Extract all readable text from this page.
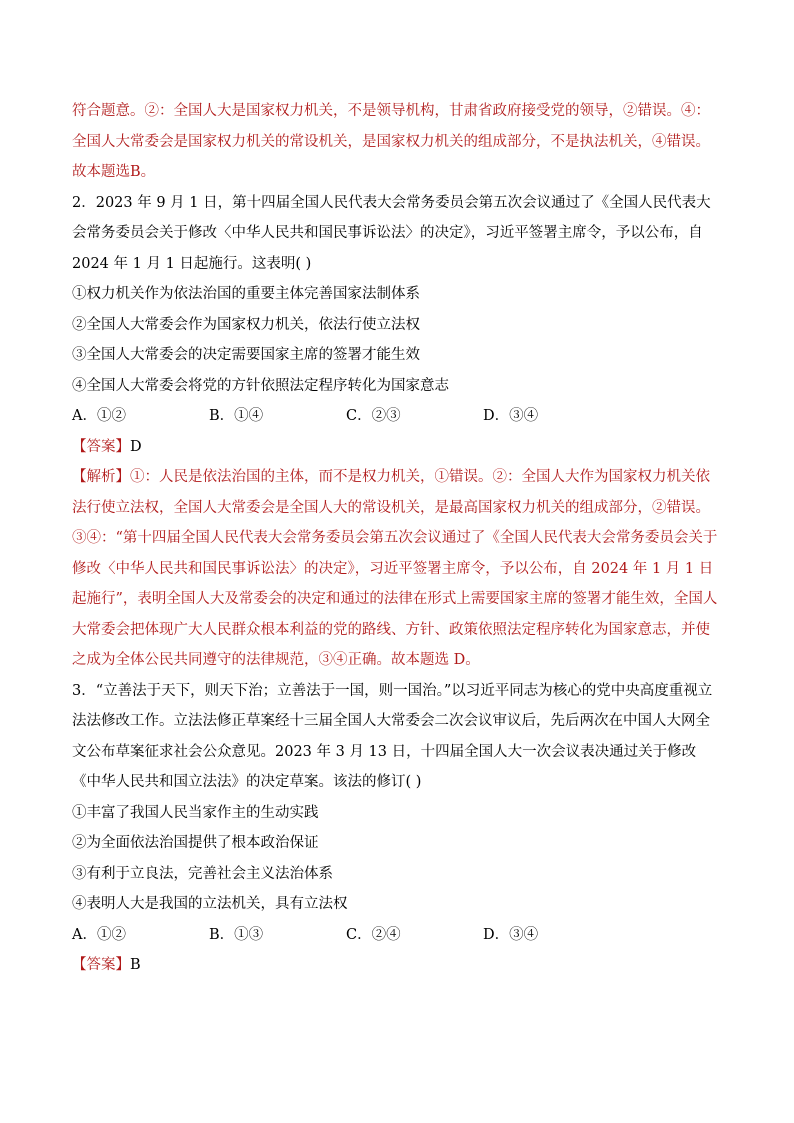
符合题意。②：全国人大是国家权力机关，不是领导机构，甘肃省政府接受党的领导，②错误。④：全国人大常委会是国家权力机关的常设机关，是国家权力机关的组成部分，不是执法机关，④错误。故本题选B。

2．2023 年 9 月 1 日，第十四届全国人民代表大会常务委员会第五次会议通过了《全国人民代表大会常务委员会关于修改〈中华人民共和国民事诉讼法〉的决定》，习近平签署主席令，予以公布，自 2024 年 1 月 1 日起施行。这表明( )

①权力机关作为依法治国的重要主体完善国家法制体系

②全国人大常委会作为国家权力机关，依法行使立法权

③全国人大常委会的决定需要国家主席的签署才能生效

④全国人大常委会将党的方针依照法定程序转化为国家意志

A．①②	B．①④	C．②③	D．③④

【答案】D

【解析】①：人民是依法治国的主体，而不是权力机关，①错误。②：全国人大作为国家权力机关依法行使立法权，全国人大常委会是全国人大的常设机关，是最高国家权力机关的组成部分，②错误。③④：“第十四届全国人民代表大会常务委员会第五次会议通过了《全国人民代表大会常务委员会关于修改〈中华人民共和国民事诉讼法〉的决定》，习近平签署主席令，予以公布，自 2024 年 1 月 1 日起施行”，表明全国人大及常委会的决定和通过的法律在形式上需要国家主席的签署才能生效，全国人大常委会把体现广大人民群众根本利益的党的路线、方针、政策依照法定程序转化为国家意志，并使之成为全体公民共同遵守的法律规范，③④正确。故本题选 D。

3．“立善法于天下，则天下治；立善法于一国，则一国治。”以习近平同志为核心的党中央高度重视立法法修改工作。立法法修正草案经十三届全国人大常委会二次会议审议后，先后两次在中国人大网全文公布草案征求社会公众意见。2023 年 3 月 13 日，十四届全国人大一次会议表决通过关于修改《中华人民共和国立法法》的决定草案。该法的修订( )

①丰富了我国人民当家作主的生动实践

②为全面依法治国提供了根本政治保证

③有利于立良法，完善社会主义法治体系

④表明人大是我国的立法机关，具有立法权

A．①②	B．①③	C．②④	D．③④

【答案】B
